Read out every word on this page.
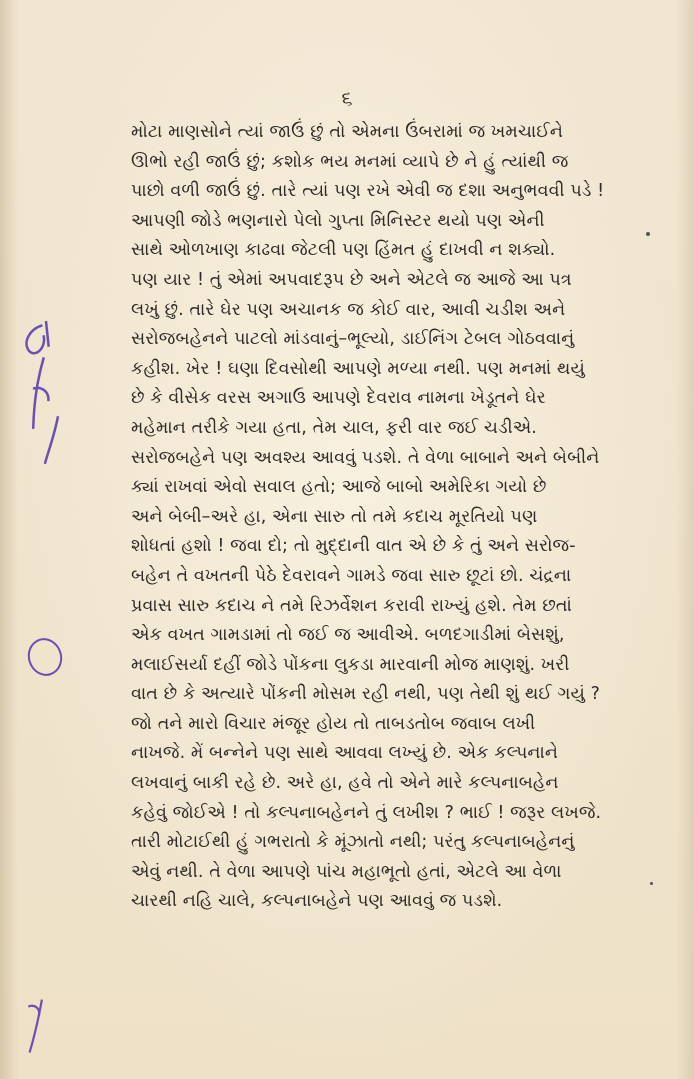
૬
મોટા માણસોને ત્યાં જાઉં છું તો એમના ઉંબરામાં જ ખમચાઈને
ઊભો રહી જાઉં છું; કશોક ભય મનમાં વ્યાપે છે ને હું ત્યાંથી જ
પાછો વળી જાઉં છું. તારે ત્યાં પણ રખે એવી જ દશા અનુભવવી પડે !
આપણી જોડે ભણનારો પેલો ગુપ્તા મિનિસ્ટર થયો પણ એની
સાથે ઓળખાણ કાઢવા જેટલી પણ હિંમત હું દાખવી ન શક્યો.
પણ યાર ! તું એમાં અપવાદરૂપ છે અને એટલે જ આજે આ પત્ર
લખું છું. તારે ઘેર પણ અચાનક જ કોઈ વાર, આવી ચડીશ અને
સરોજબહેનને પાટલો માંડવાનું–ભૂલ્યો, ડાઈનિંગ ટેબલ ગોઠવવાનું
કહીશ. ખેર ! ઘણા દિવસોથી આપણે મળ્યા નથી. પણ મનમાં થયું
છે કે વીસેક વરસ અગાઉ આપણે દેવરાવ નામના ખેડૂતને ઘેર
મહેમાન તરીકે ગયા હતા, તેમ ચાલ, ફરી વાર જઈ ચડીએ.
સરોજબહેને પણ અવશ્ય આવવું પડશે. તે વેળા બાબાને અને બેબીને
ક્યાં રાખવાં એવો સવાલ હતો; આજે બાબો અમેરિકા ગયો છે
અને બેબી–અરે હા, એના સારુ તો તમે કદાચ મૂરતિયો પણ
શોધતાં હશો ! જવા દો; તો મુદ્દાની વાત એ છે કે તું અને સરોજ-
બહેન તે વખતની પેઠે દેવરાવને ગામડે જવા સારુ છૂટાં છો. ચંદ્રના
પ્રવાસ સારુ કદાચ ને તમે રિઝર્વેશન કરાવી રાખ્યું હશે. તેમ છતાં
એક વખત ગામડામાં તો જઈ જ આવીએ. બળદગાડીમાં બેસશું,
મલાઈસર્યા દહીં જોડે પોંકના લુકડા મારવાની મોજ માણશું. ખરી
વાત છે કે અત્યારે પોંકની મોસમ રહી નથી, પણ તેથી શું થઈ ગયું ?
જો તને મારો વિચાર મંજૂર હોય તો તાબડતોબ જવાબ લખી
નાખજે. મેં બન્નેને પણ સાથે આવવા લખ્યું છે. એક કલ્પનાને
લખવાનું બાકી રહે છે. અરે હા, હવે તો એને મારે કલ્પનાબહેન
કહેવું જોઈએ ! તો કલ્પનાબહેનને તું લખીશ ? ભાઈ ! જરૂર લખજે.
તારી મોટાઈથી હું ગભરાતો કે મૂંઝાતો નથી; પરંતુ કલ્પનાબહેનનું
એવું નથી. તે વેળા આપણે પાંચ મહાભૂતો હતાં, એટલે આ વેળા
ચારથી નહિ ચાલે, કલ્પનાબહેને પણ આવવું જ પડશે.
